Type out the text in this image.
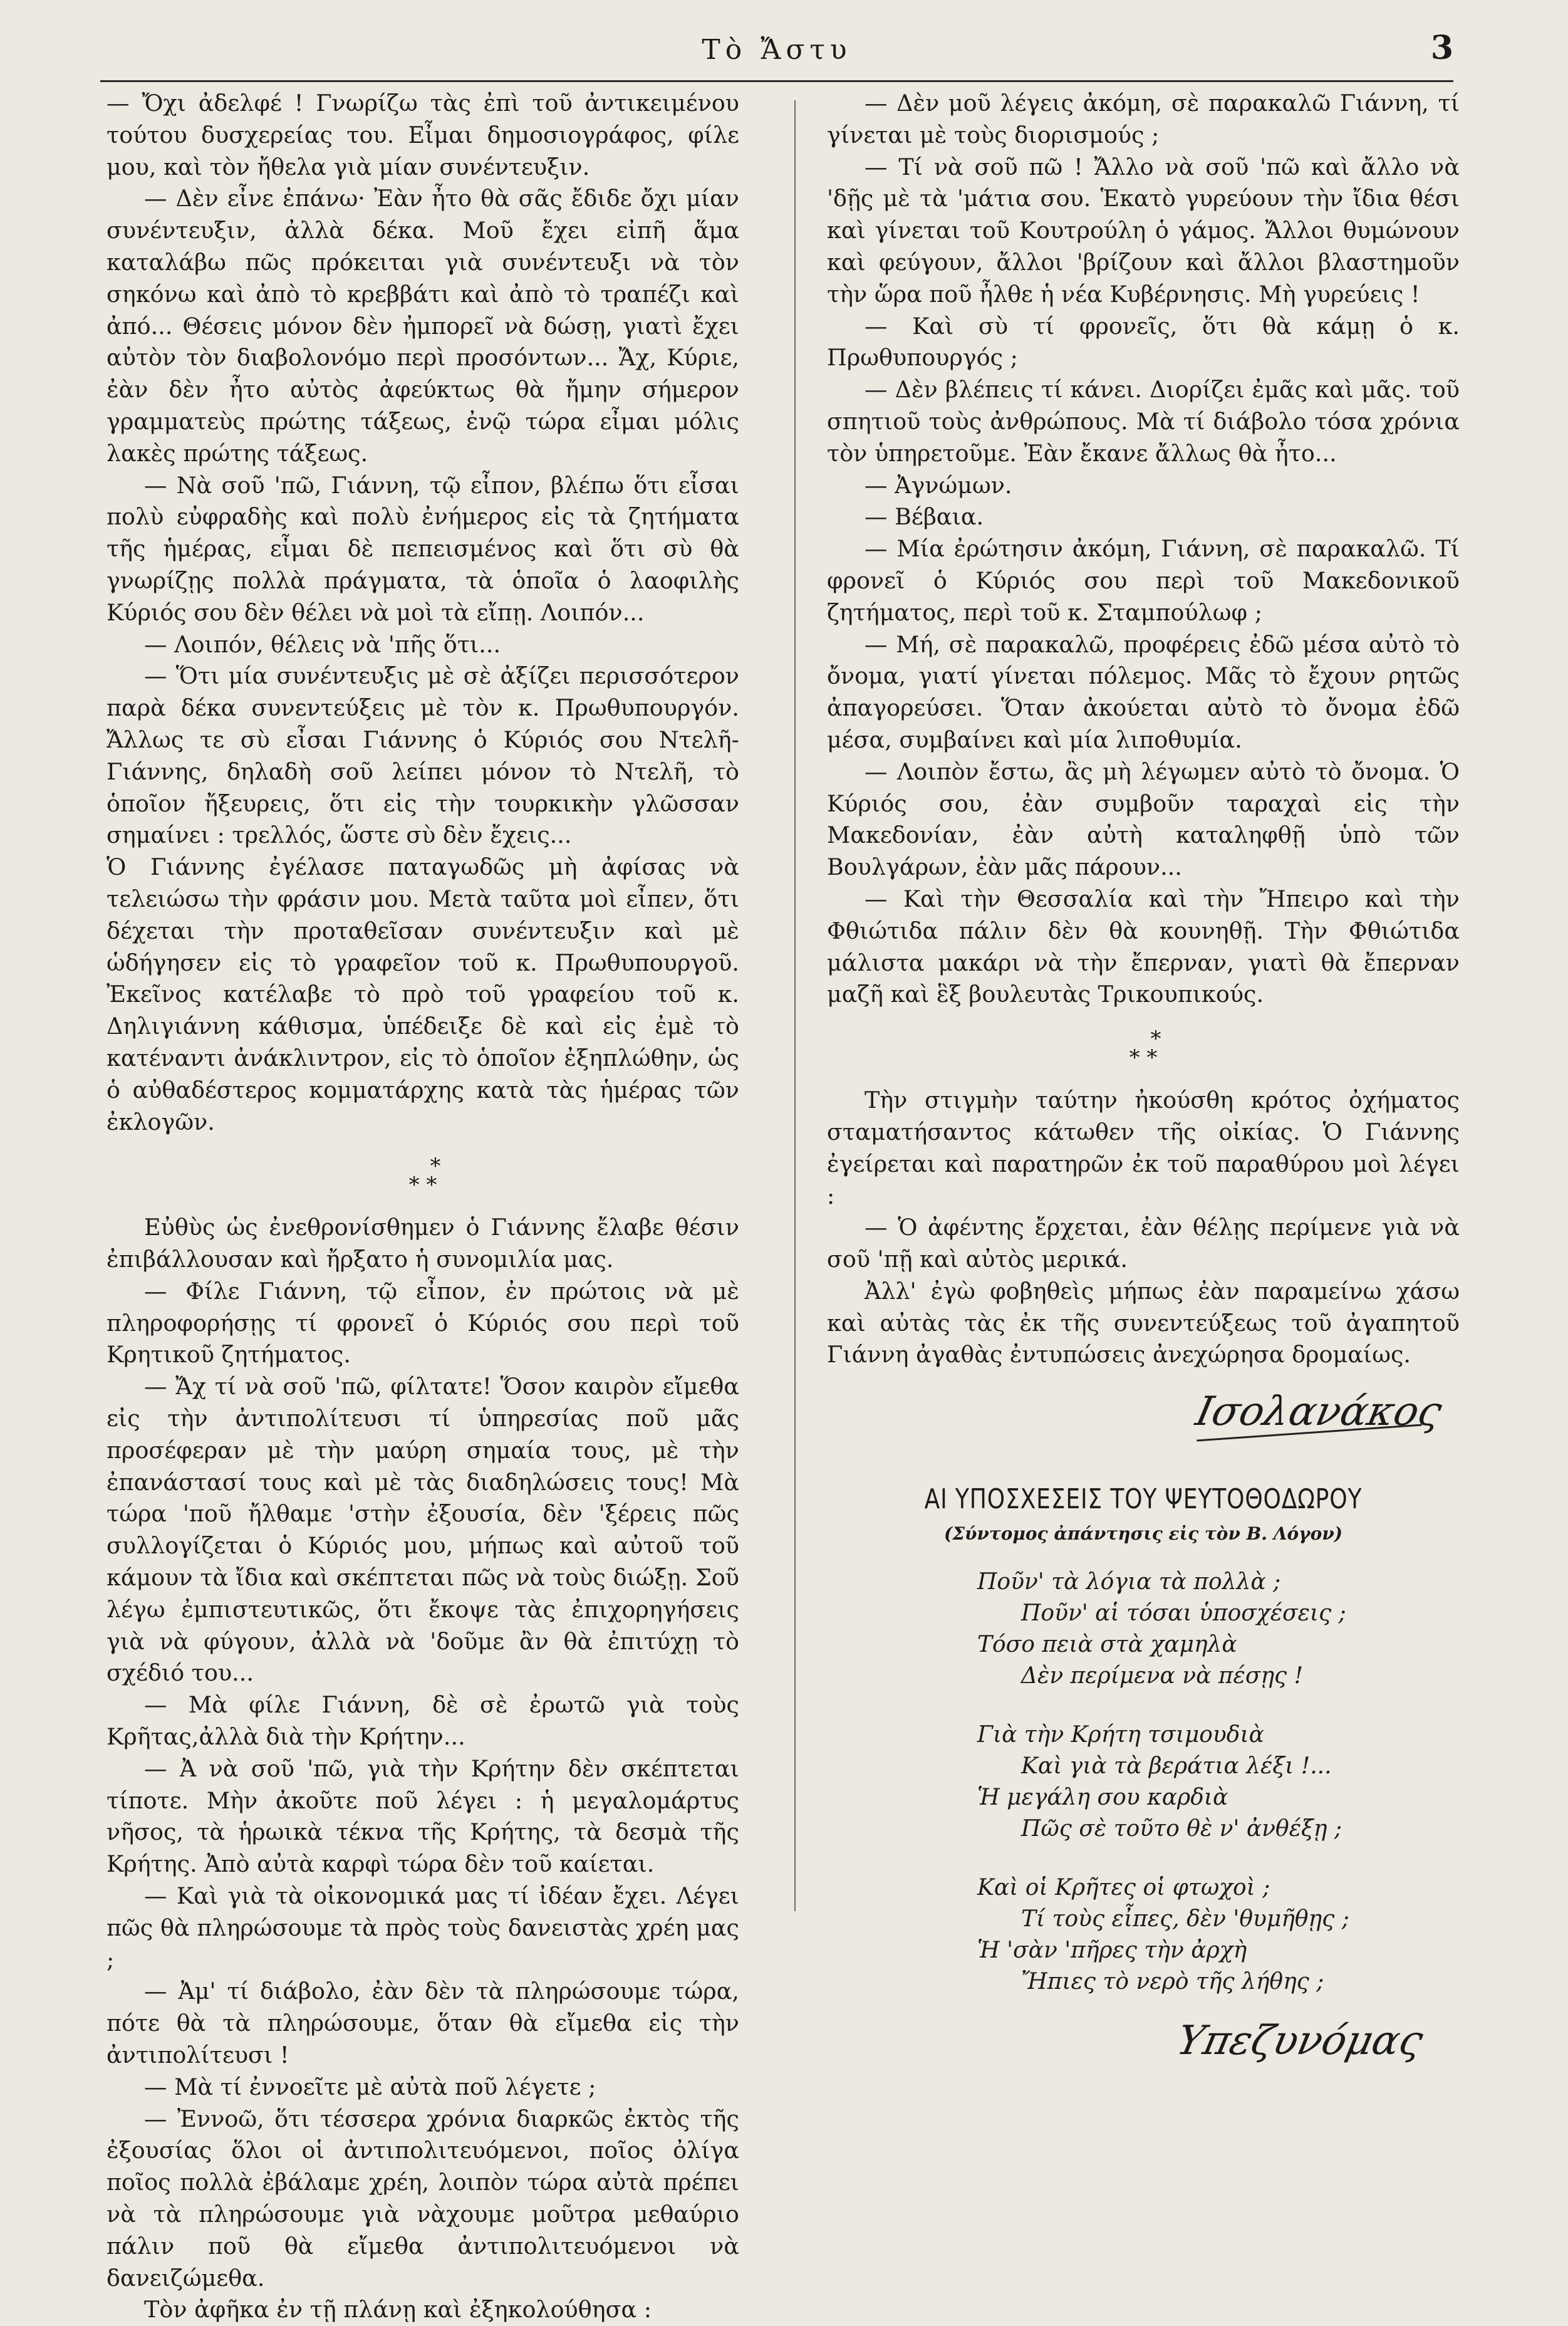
Τὸ Ἄστυ	3

— Ὄχι ἀδελφέ ! Γνωρίζω τὰς ἐπὶ τοῦ ἀντικειμένου τούτου δυσχερείας του. Εἶμαι δημοσιογράφος, φίλε μου, καὶ τὸν ἤθελα γιὰ μίαν συνέντευξιν.

— Δὲν εἶνε ἐπάνω· Ἐὰν ἦτο θὰ σᾶς ἔδιδε ὄχι μίαν συνέντευξιν, ἀλλὰ δέκα. Μοῦ ἔχει εἰπῆ ἅμα καταλάβω πῶς πρόκειται γιὰ συνέντευξι νὰ τὸν σηκόνω καὶ ἀπὸ τὸ κρεββάτι καὶ ἀπὸ τὸ τραπέζι καὶ ἀπό... Θέσεις μόνον δὲν ἠμπορεῖ νὰ δώσῃ, γιατὶ ἔχει αὐτὸν τὸν διαβολονόμο περὶ προσόντων... Ἄχ, Κύριε, ἐὰν δὲν ἦτο αὐτὸς ἀφεύκτως θὰ ἤμην σήμερον γραμματεὺς πρώτης τάξεως, ἐνῷ τώρα εἶμαι μόλις λακὲς πρώτης τάξεως.

— Νὰ σοῦ 'πῶ, Γιάννη, τῷ εἶπον, βλέπω ὅτι εἶσαι πολὺ εὐφραδὴς καὶ πολὺ ἐνήμερος εἰς τὰ ζητήματα τῆς ἡμέρας, εἶμαι δὲ πεπεισμένος καὶ ὅτι σὺ θὰ γνωρίζῃς πολλὰ πράγματα, τὰ ὁποῖα ὁ λαοφιλὴς Κύριός σου δὲν θέλει νὰ μοὶ τὰ εἴπῃ. Λοιπόν...

— Λοιπόν, θέλεις νὰ 'πῆς ὅτι...

— Ὅτι μία συνέντευξις μὲ σὲ ἀξίζει περισσότερον παρὰ δέκα συνεντεύξεις μὲ τὸν κ. Πρωθυπουργόν. Ἄλλως τε σὺ εἶσαι Γιάννης ὁ Κύριός σου Ντελῆ-Γιάννης, δηλαδὴ σοῦ λείπει μόνον τὸ Ντελῆ, τὸ ὁποῖον ἤξευρεις, ὅτι εἰς τὴν τουρκικὴν γλῶσσαν σημαίνει : τρελλός, ὥστε σὺ δὲν ἔχεις...

Ὁ Γιάννης ἐγέλασε παταγωδῶς μὴ ἀφίσας νὰ τελειώσω τὴν φράσιν μου. Μετὰ ταῦτα μοὶ εἶπεν, ὅτι δέχεται τὴν προταθεῖσαν συνέντευξιν καὶ μὲ ὡδήγησεν εἰς τὸ γραφεῖον τοῦ κ. Πρωθυπουργοῦ. Ἐκεῖνος κατέλαβε τὸ πρὸ τοῦ γραφείου τοῦ κ. Δηλιγιάννη κάθισμα, ὑπέδειξε δὲ καὶ εἰς ἐμὲ τὸ κατέναντι ἀνάκλιντρον, εἰς τὸ ὁποῖον ἐξηπλώθην, ὡς ὁ αὐθαδέστερος κομματάρχης κατὰ τὰς ἡμέρας τῶν ἐκλογῶν.

*
* *

Εὐθὺς ὡς ἐνεθρονίσθημεν ὁ Γιάννης ἔλαβε θέσιν ἐπιβάλλουσαν καὶ ἤρξατο ἡ συνομιλία μας.

— Φίλε Γιάννη, τῷ εἶπον, ἐν πρώτοις νὰ μὲ πληροφορήσῃς τί φρονεῖ ὁ Κύριός σου περὶ τοῦ Κρητικοῦ ζητήματος.

— Ἄχ τί νὰ σοῦ 'πῶ, φίλτατε! Ὅσον καιρὸν εἴμεθα εἰς τὴν ἀντιπολίτευσι τί ὑπηρεσίας ποῦ μᾶς προσέφεραν μὲ τὴν μαύρη σημαία τους, μὲ τὴν ἐπανάστασί τους καὶ μὲ τὰς διαδηλώσεις τους! Μὰ τώρα 'ποῦ ἤλθαμε 'στὴν ἐξουσία, δὲν 'ξέρεις πῶς συλλογίζεται ὁ Κύριός μου, μήπως καὶ αὐτοῦ τοῦ κάμουν τὰ ἴδια καὶ σκέπτεται πῶς νὰ τοὺς διώξῃ. Σοῦ λέγω ἐμπιστευτικῶς, ὅτι ἔκοψε τὰς ἐπιχορηγήσεις γιὰ νὰ φύγουν, ἀλλὰ νὰ 'δοῦμε ἂν θὰ ἐπιτύχῃ τὸ σχέδιό του...

— Μὰ φίλε Γιάννη, δὲ σὲ ἐρωτῶ γιὰ τοὺς Κρῆτας,ἀλλὰ διὰ τὴν Κρήτην...

— Ἀ νὰ σοῦ 'πῶ, γιὰ τὴν Κρήτην δὲν σκέπτεται τίποτε. Μὴν ἀκοῦτε ποῦ λέγει : ἡ μεγαλομάρτυς νῆσος, τὰ ἡρωικὰ τέκνα τῆς Κρήτης, τὰ δεσμὰ τῆς Κρήτης. Ἀπὸ αὐτὰ καρφὶ τώρα δὲν τοῦ καίεται.

— Καὶ γιὰ τὰ οἰκονομικά μας τί ἰδέαν ἔχει. Λέγει πῶς θὰ πληρώσουμε τὰ πρὸς τοὺς δανειστὰς χρέη μας ;

— Ἀμ' τί διάβολο, ἐὰν δὲν τὰ πληρώσουμε τώρα, πότε θὰ τὰ πληρώσουμε, ὅταν θὰ εἴμεθα εἰς τὴν ἀντιπολίτευσι !

— Μὰ τί ἐννοεῖτε μὲ αὐτὰ ποῦ λέγετε ;

— Ἐννοῶ, ὅτι τέσσερα χρόνια διαρκῶς ἐκτὸς τῆς ἐξουσίας ὅλοι οἱ ἀντιπολιτευόμενοι, ποῖος ὀλίγα ποῖος πολλὰ ἐβάλαμε χρέη, λοιπὸν τώρα αὐτὰ πρέπει νὰ τὰ πληρώσουμε γιὰ νὰχουμε μοῦτρα μεθαύριο πάλιν ποῦ θὰ εἴμεθα ἀντιπολιτευόμενοι νὰ δανειζώμεθα.

Τὸν ἀφῆκα ἐν τῇ πλάνῃ καὶ ἐξηκολούθησα :

— Δὲν μοῦ λέγεις ἀκόμη, σὲ παρακαλῶ Γιάννη, τί γίνεται μὲ τοὺς διορισμούς ;

— Τί νὰ σοῦ πῶ ! Ἄλλο νὰ σοῦ 'πῶ καὶ ἄλλο νὰ 'δῇς μὲ τὰ 'μάτια σου. Ἑκατὸ γυρεύουν τὴν ἴδια θέσι καὶ γίνεται τοῦ Κουτρούλη ὁ γάμος. Ἄλλοι θυμώνουν καὶ φεύγουν, ἄλλοι 'βρίζουν καὶ ἄλλοι βλαστημοῦν τὴν ὥρα ποῦ ἦλθε ἡ νέα Κυβέρνησις. Μὴ γυρεύεις !

— Καὶ σὺ τί φρονεῖς, ὅτι θὰ κάμῃ ὁ κ. Πρωθυπουργός ;

— Δὲν βλέπεις τί κάνει. Διορίζει ἐμᾶς καὶ μᾶς. τοῦ σπητιοῦ τοὺς ἀνθρώπους. Μὰ τί διάβολο τόσα χρόνια τὸν ὑπηρετοῦμε. Ἐὰν ἔκανε ἄλλως θὰ ἦτο...

— Ἀγνώμων.

— Βέβαια.

— Μία ἐρώτησιν ἀκόμη, Γιάννη, σὲ παρακαλῶ. Τί φρονεῖ ὁ Κύριός σου περὶ τοῦ Μακεδονικοῦ ζητήματος, περὶ τοῦ κ. Σταμπούλωφ ;

— Μή, σὲ παρακαλῶ, προφέρεις ἐδῶ μέσα αὐτὸ τὸ ὄνομα, γιατί γίνεται πόλεμος. Μᾶς τὸ ἔχουν ρητῶς ἀπαγορεύσει. Ὅταν ἀκούεται αὐτὸ τὸ ὄνομα ἐδῶ μέσα, συμβαίνει καὶ μία λιποθυμία.

— Λοιπὸν ἔστω, ἂς μὴ λέγωμεν αὐτὸ τὸ ὄνομα. Ὁ Κύριός σου, ἐὰν συμβοῦν ταραχαὶ εἰς τὴν Μακεδονίαν, ἐὰν αὐτὴ καταληφθῇ ὑπὸ τῶν Βουλγάρων, ἐὰν μᾶς πάρουν...

— Καὶ τὴν Θεσσαλία καὶ τὴν Ἤπειρο καὶ τὴν Φθιώτιδα πάλιν δὲν θὰ κουνηθῇ. Τὴν Φθιώτιδα μάλιστα μακάρι νὰ τὴν ἔπερναν, γιατὶ θὰ ἔπερναν μαζῆ καὶ ἓξ βουλευτὰς Τρικουπικούς.

*
* *

Τὴν στιγμὴν ταύτην ἠκούσθη κρότος ὀχήματος σταματήσαντος κάτωθεν τῆς οἰκίας. Ὁ Γιάννης ἐγείρεται καὶ παρατηρῶν ἐκ τοῦ παραθύρου μοὶ λέγει :

— Ὁ ἀφέντης ἔρχεται, ἐὰν θέλῃς περίμενε γιὰ νὰ σοῦ 'πῇ καὶ αὐτὸς μερικά.

Ἀλλ' ἐγὼ φοβηθεὶς μήπως ἐὰν παραμείνω χάσω καὶ αὐτὰς τὰς ἐκ τῆς συνεντεύξεως τοῦ ἀγαπητοῦ Γιάννη ἀγαθὰς ἐντυπώσεις ἀνεχώρησα δρομαίως.

Ισολανάκος
ΑΙ ΥΠΟΣΧΕΣΕΙΣ ΤΟΥ ΨΕΥΤΟΘΟΔΩΡΟΥ
(Σύντομος ἀπάντησις εἰς τὸν Β. Λόγον)
Ποῦν' τὰ λόγια τὰ πολλὰ ;
Ποῦν' αἱ τόσαι ὑποσχέσεις ;
Τόσο πειὰ στὰ χαμηλὰ
Δὲν περίμενα νὰ πέσῃς !
Γιὰ τὴν Κρήτη τσιμουδιὰ
Καὶ γιὰ τὰ βεράτια λέξι !...
Ἡ μεγάλη σου καρδιὰ
Πῶς σὲ τοῦτο θὲ ν' ἀνθέξῃ ;
Καὶ οἱ Κρῆτες οἱ φτωχοὶ ;
Τί τοὺς εἶπες, δὲν 'θυμῆθῃς ;
Ἡ 'σὰν 'πῆρες τὴν ἀρχὴ
Ἤπιες τὸ νερὸ τῆς λήθης ;
Υπεζυνόμας
